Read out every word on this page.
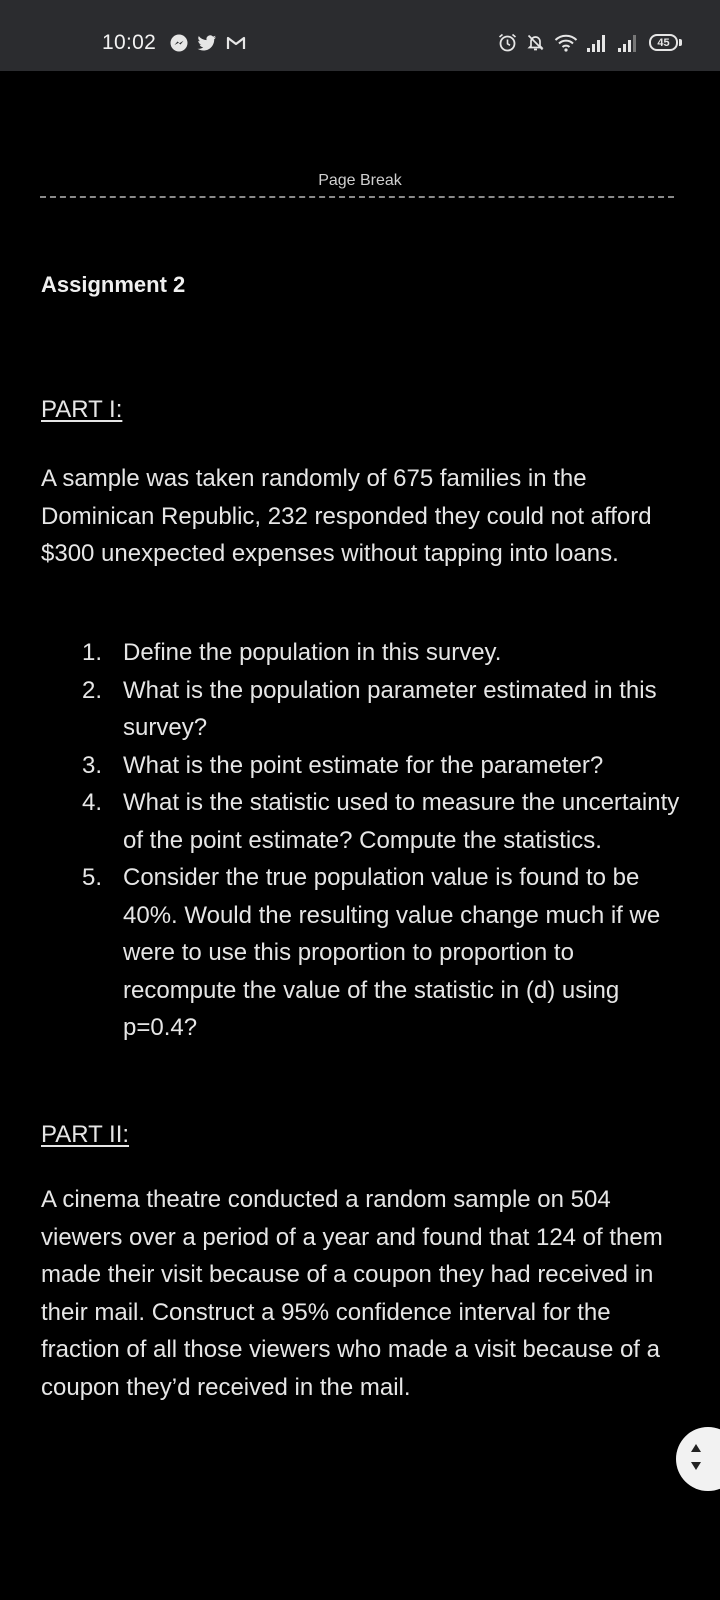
10:02	45
Page Break
Assignment 2
PART I:

A sample was taken randomly of 675 families in the Dominican Republic, 232 responded they could not afford $300 unexpected expenses without tapping into loans.

1. Define the population in this survey.
2. What is the population parameter estimated in this survey?
3. What is the point estimate for the parameter?
4. What is the statistic used to measure the uncertainty of the point estimate? Compute the statistics.
5. Consider the true population value is found to be 40%. Would the resulting value change much if we were to use this proportion to proportion to recompute the value of the statistic in (d) using p=0.4?
PART II:

A cinema theatre conducted a random sample on 504 viewers over a period of a year and found that 124 of them made their visit because of a coupon they had received in their mail. Construct a 95% confidence interval for the fraction of all those viewers who made a visit because of a coupon they’d received in the mail.
